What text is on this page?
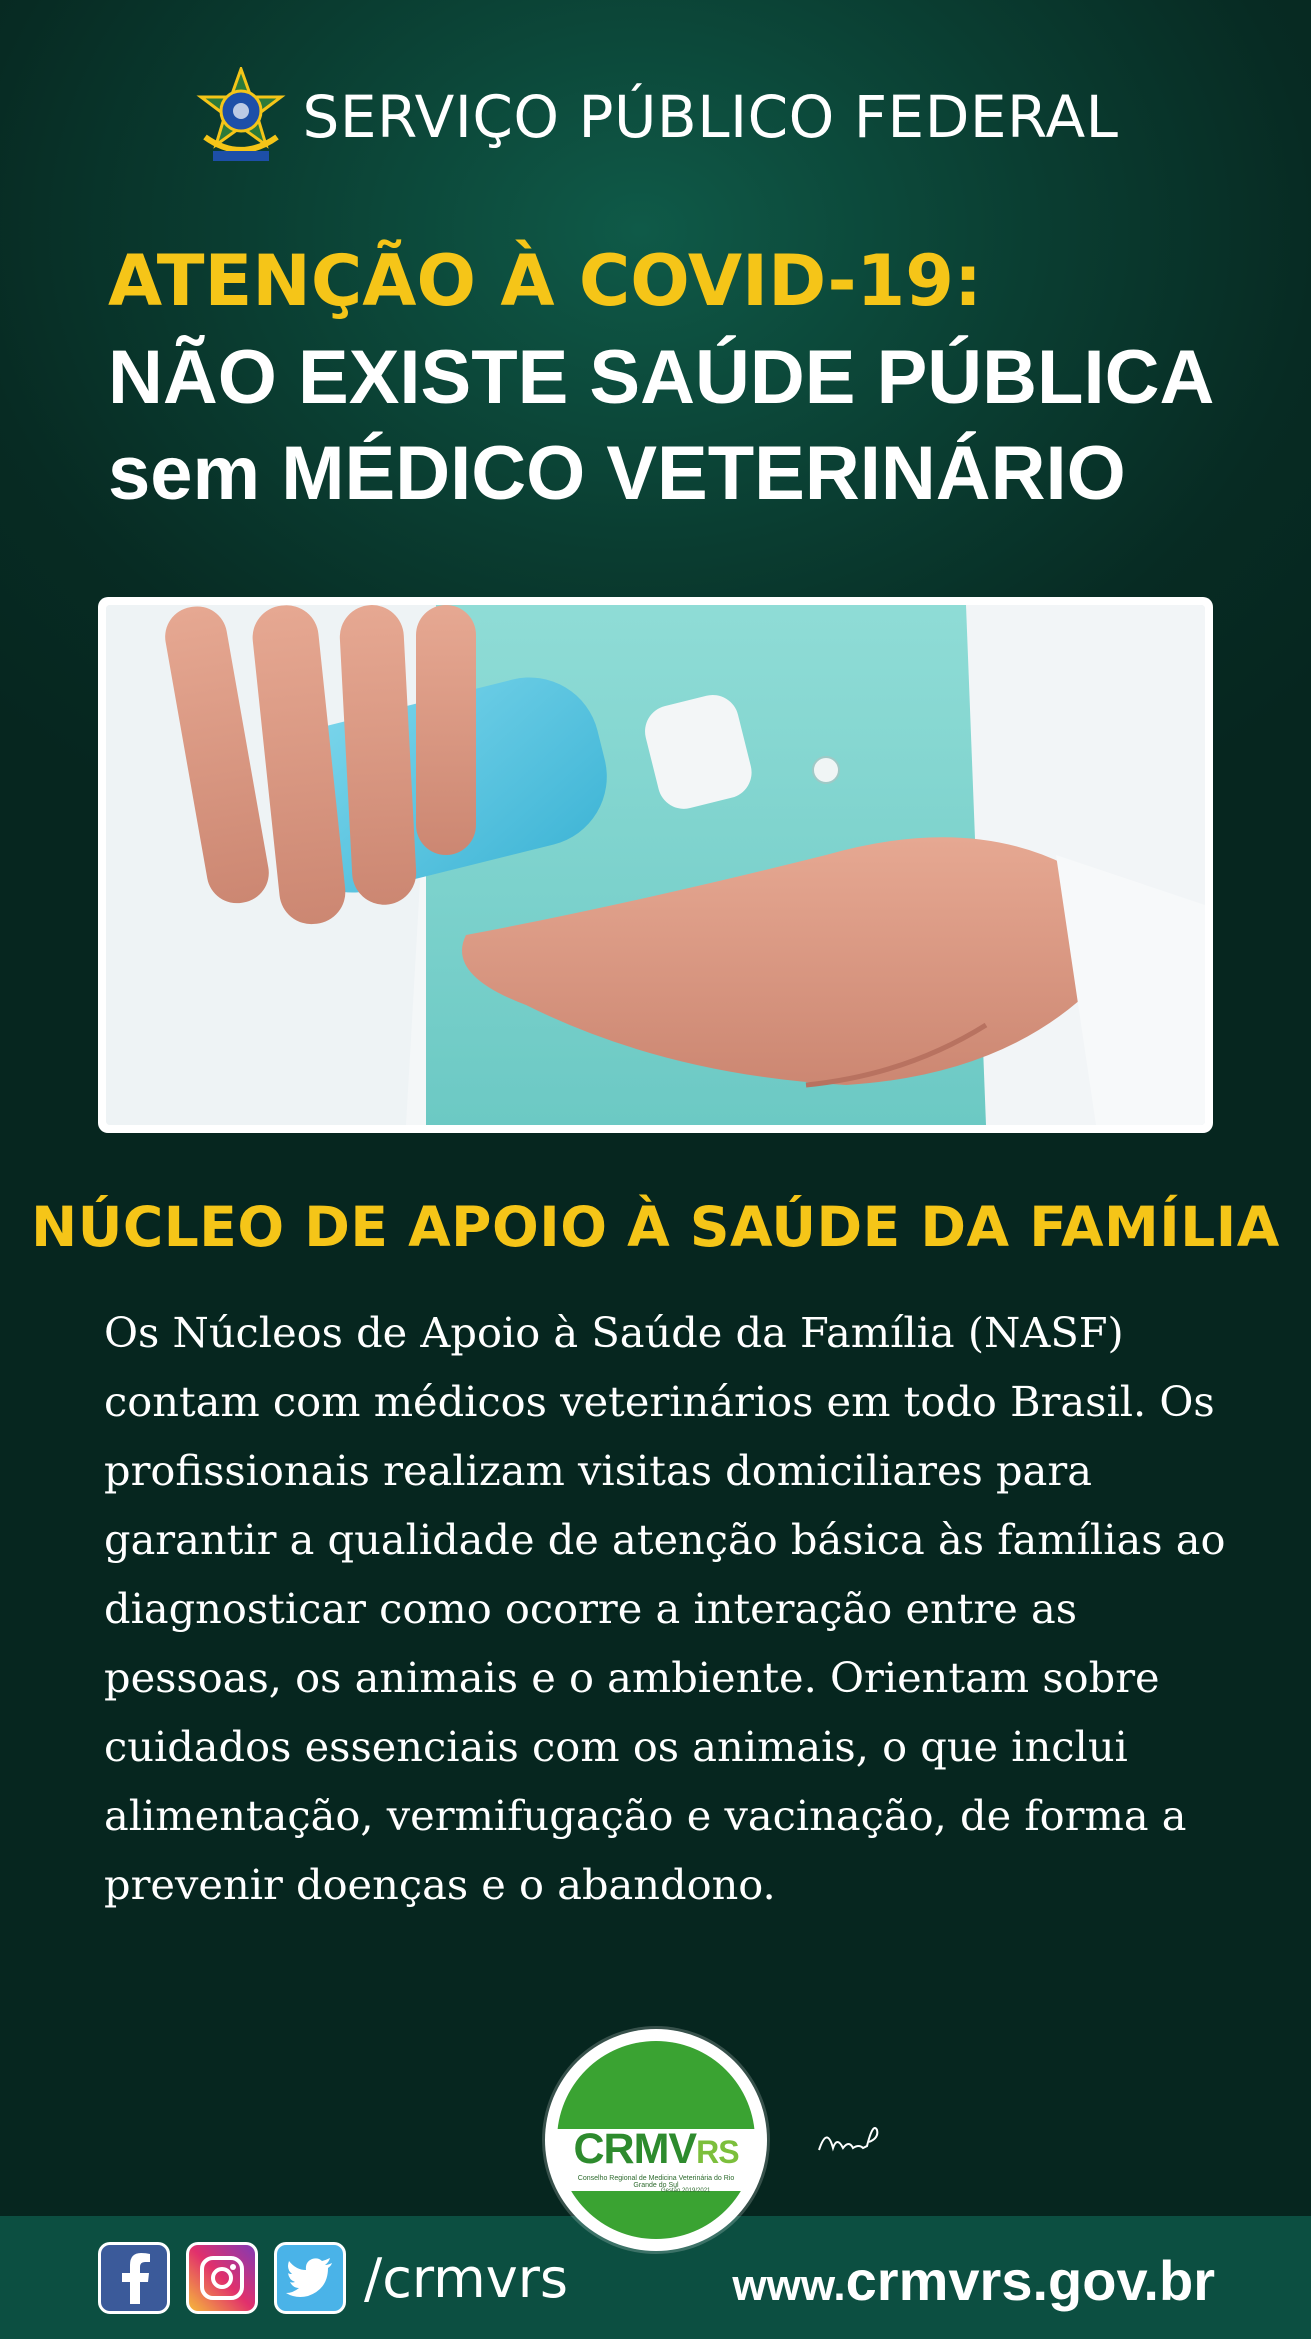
SERVIÇO PÚBLICO FEDERAL
ATENÇÃO À COVID-19:
NÃO EXISTE SAÚDE PÚBLICA
sem MÉDICO VETERINÁRIO
NÚCLEO DE APOIO À SAÚDE DA FAMÍLIA
Os Núcleos de Apoio à Saúde da Família (NASF)
contam com médicos veterinários em todo Brasil. Os
profissionais realizam visitas domiciliares para
garantir a qualidade de atenção básica às famílias ao
diagnosticar como ocorre a interação entre as
pessoas, os animais e o ambiente. Orientam sobre
cuidados essenciais com os animais, o que inclui
alimentação, vermifugação e vacinação, de forma a
prevenir doenças e o abandono.
CRMVRS
Conselho Regional de Medicina Veterinária do Rio Grande do Sul
Gestão 2019/2021
/crmvrs	www.crmvrs.gov.br
